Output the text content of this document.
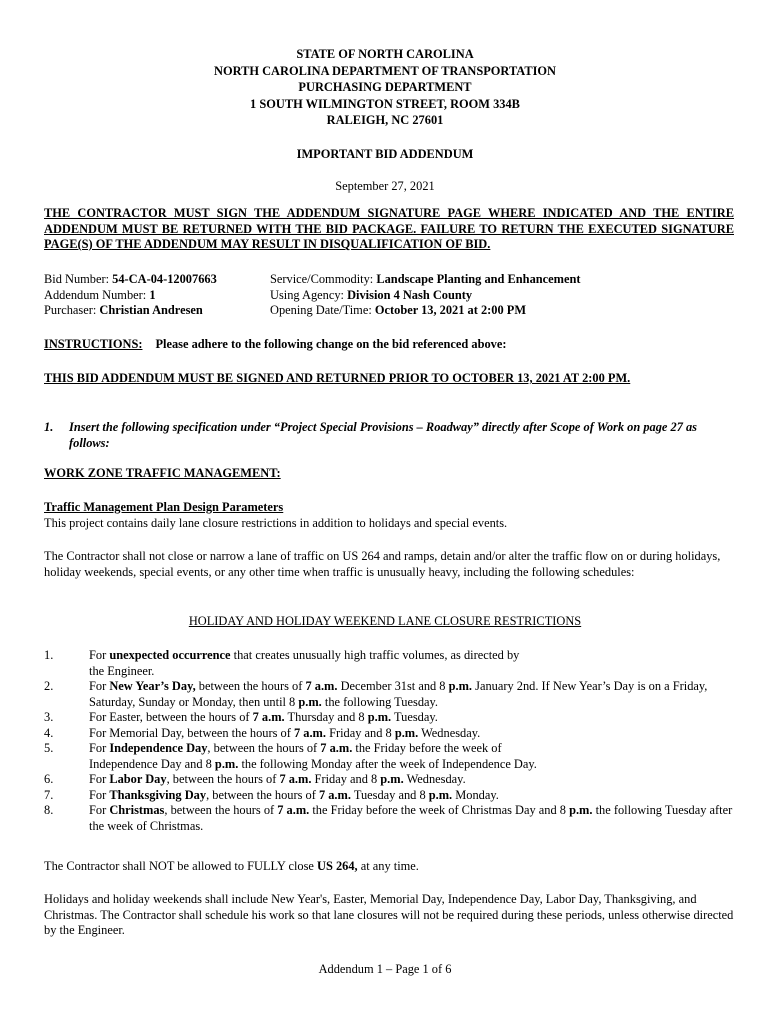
STATE OF NORTH CAROLINA
NORTH CAROLINA DEPARTMENT OF TRANSPORTATION
PURCHASING DEPARTMENT
1 SOUTH WILMINGTON STREET, ROOM 334B
RALEIGH, NC 27601
IMPORTANT BID ADDENDUM
September 27, 2021
THE CONTRACTOR MUST SIGN THE ADDENDUM SIGNATURE PAGE WHERE INDICATED AND THE ENTIRE ADDENDUM MUST BE RETURNED WITH THE BID PACKAGE. FAILURE TO RETURN THE EXECUTED SIGNATURE PAGE(S) OF THE ADDENDUM MAY RESULT IN DISQUALIFICATION OF BID.
Bid Number: 54-CA-04-12007663
Addendum Number: 1
Purchaser: Christian Andresen
Service/Commodity: Landscape Planting and Enhancement
Using Agency: Division 4 Nash County
Opening Date/Time: October 13, 2021 at 2:00 PM
INSTRUCTIONS: Please adhere to the following change on the bid referenced above:
THIS BID ADDENDUM MUST BE SIGNED AND RETURNED PRIOR TO OCTOBER 13, 2021 AT 2:00 PM.
1. Insert the following specification under “Project Special Provisions – Roadway” directly after Scope of Work on page 27 as follows:
WORK ZONE TRAFFIC MANAGEMENT:
Traffic Management Plan Design Parameters
This project contains daily lane closure restrictions in addition to holidays and special events.
The Contractor shall not close or narrow a lane of traffic on US 264 and ramps, detain and/or alter the traffic flow on or during holidays, holiday weekends, special events, or any other time when traffic is unusually heavy, including the following schedules:
HOLIDAY AND HOLIDAY WEEKEND LANE CLOSURE RESTRICTIONS
1.	For unexpected occurrence that creates unusually high traffic volumes, as directed by
the Engineer.
2.	For New Year’s Day, between the hours of 7 a.m. December 31st and 8 p.m. January 2nd. If New Year’s Day is on a Friday, Saturday, Sunday or Monday, then until 8 p.m. the following Tuesday.
3.	For Easter, between the hours of 7 a.m. Thursday and 8 p.m. Tuesday.
4.	For Memorial Day, between the hours of 7 a.m. Friday and 8 p.m. Wednesday.
5.	For Independence Day, between the hours of 7 a.m. the Friday before the week of
Independence Day and 8 p.m. the following Monday after the week of Independence Day.
6.	For Labor Day, between the hours of 7 a.m. Friday and 8 p.m. Wednesday.
7.	For Thanksgiving Day, between the hours of 7 a.m. Tuesday and 8 p.m. Monday.
8.	For Christmas, between the hours of 7 a.m. the Friday before the week of Christmas Day and 8 p.m. the following Tuesday after the week of Christmas.
The Contractor shall NOT be allowed to FULLY close US 264, at any time.
Holidays and holiday weekends shall include New Year's, Easter, Memorial Day, Independence Day, Labor Day, Thanksgiving, and Christmas. The Contractor shall schedule his work so that lane closures will not be required during these periods, unless otherwise directed by the Engineer.
Addendum 1 – Page 1 of 6
